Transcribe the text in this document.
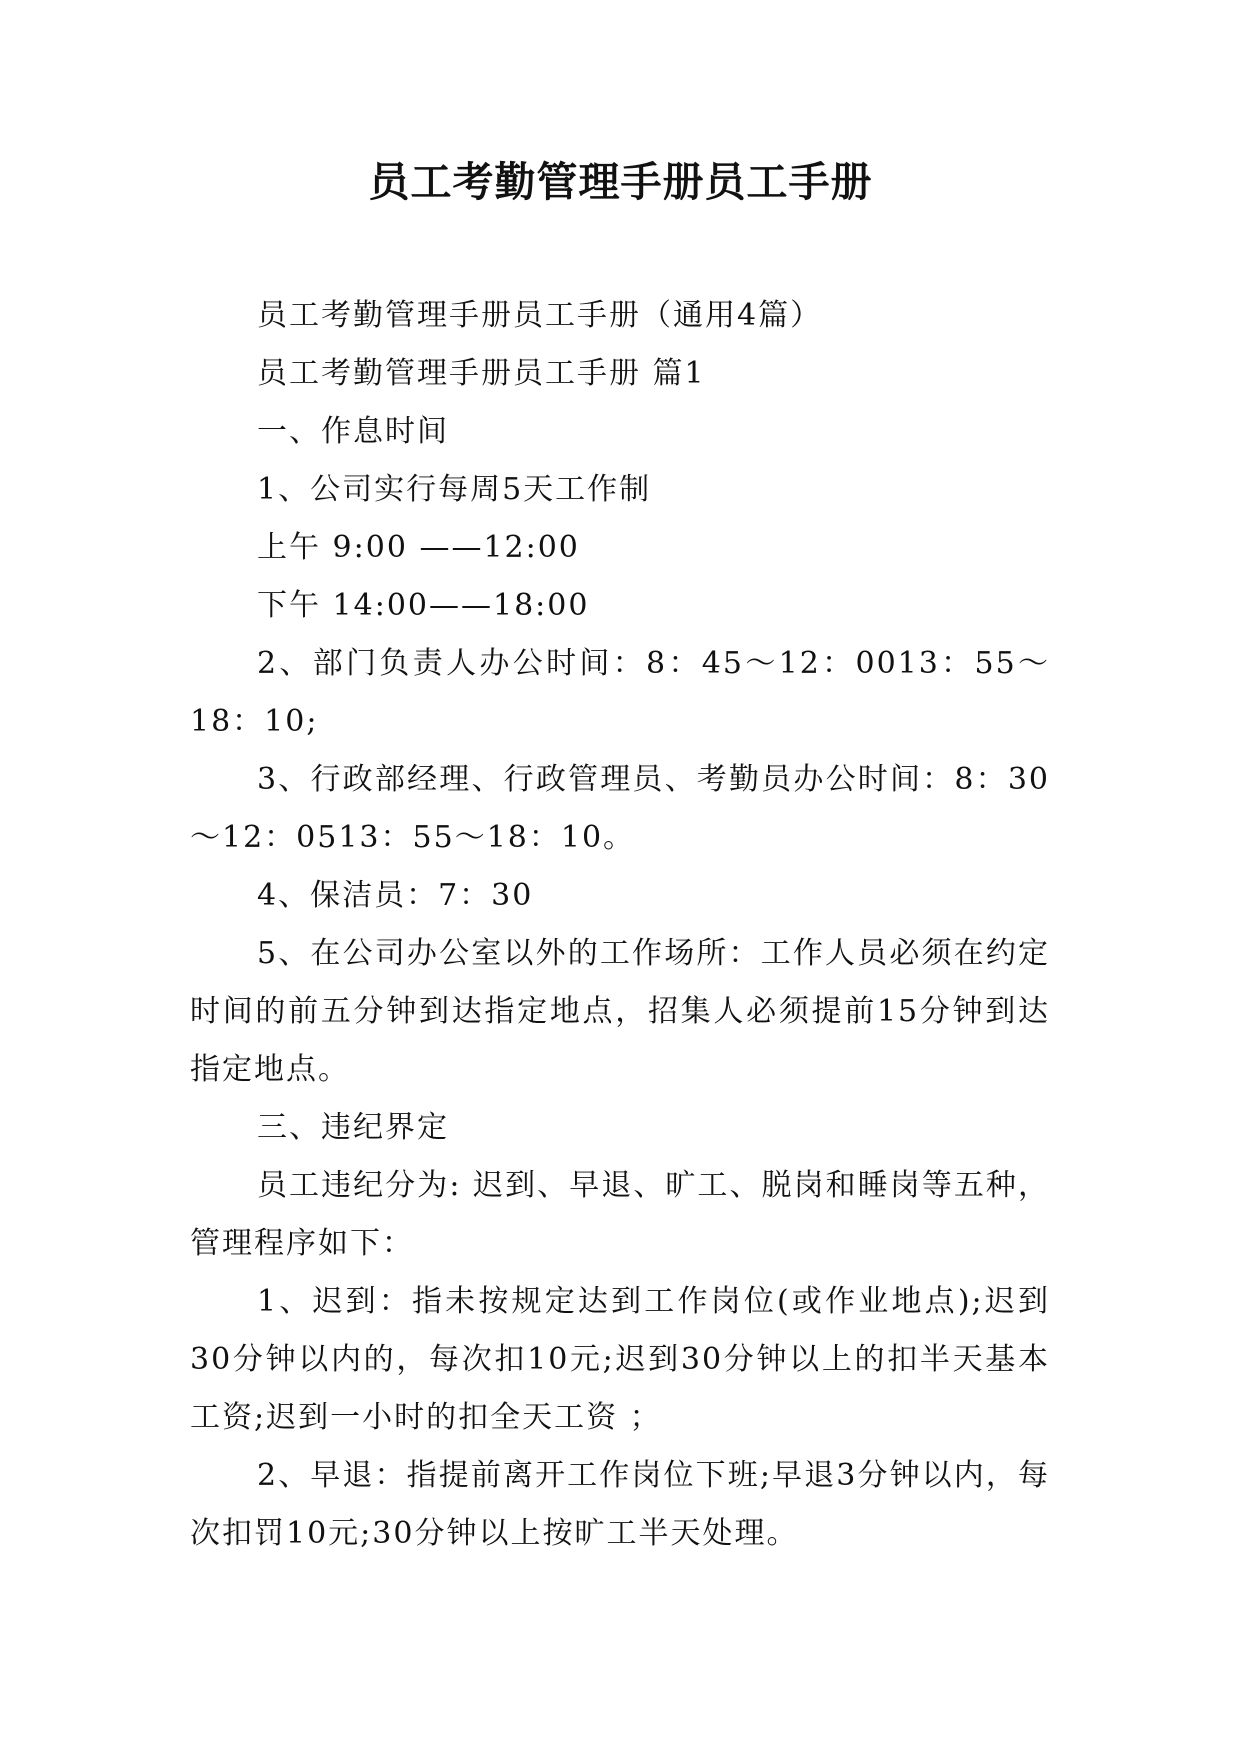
员工考勤管理手册员工手册

员工考勤管理手册员工手册（通用4篇）

员工考勤管理手册员工手册 篇1

一、作息时间

1、公司实行每周5天工作制

上午 9:00 ——12:00

下午 14:00——18:00

2、部门负责人办公时间：8：45～12：0013：55～18：10;

3、行政部经理、行政管理员、考勤员办公时间：8：30～12：0513：55～18：10。

4、保洁员：7：30

5、在公司办公室以外的工作场所：工作人员必须在约定时间的前五分钟到达指定地点，招集人必须提前15分钟到达指定地点。

三、违纪界定

员工违纪分为: 迟到、早退、旷工、脱岗和睡岗等五种，管理程序如下：

1、迟到：指未按规定达到工作岗位(或作业地点);迟到30分钟以内的，每次扣10元;迟到30分钟以上的扣半天基本工资;迟到一小时的扣全天工资 ；

2、早退：指提前离开工作岗位下班;早退3分钟以内，每次扣罚10元;30分钟以上按旷工半天处理。
